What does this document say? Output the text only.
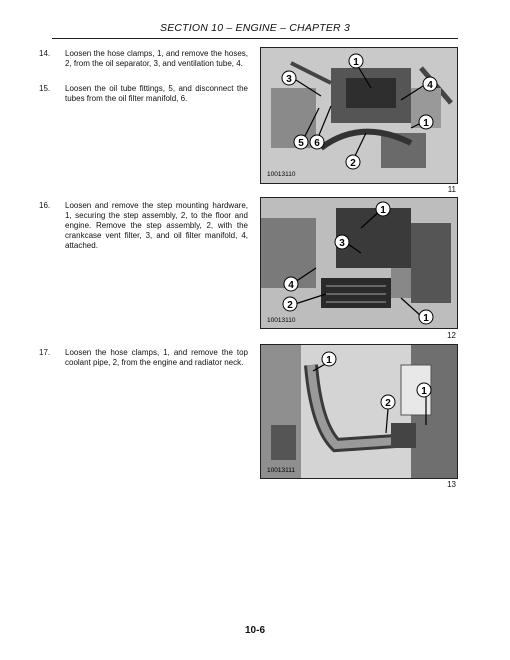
SECTION 10 – ENGINE – CHAPTER 3

14. Loosen the hose clamps, 1, and remove the hoses, 2, from the oil separator, 3, and ventilation tube, 4.

15. Loosen the oil tube fittings, 5, and disconnect the tubes from the oil filter manifold, 6.

1
3
4
1
5 6
2
10013110
11

16. Loosen and remove the step mounting hardware, 1, securing the step assembly, 2, to the floor and engine. Remove the step assembly, 2, with the crankcase vent filter, 3, and oil filter manifold, 4, attached.

1
3
4
2
1
10013110
12

17. Loosen the hose clamps, 1, and remove the top coolant pipe, 2, from the engine and radiator neck.	1
1
2
10013111
13
10-6
